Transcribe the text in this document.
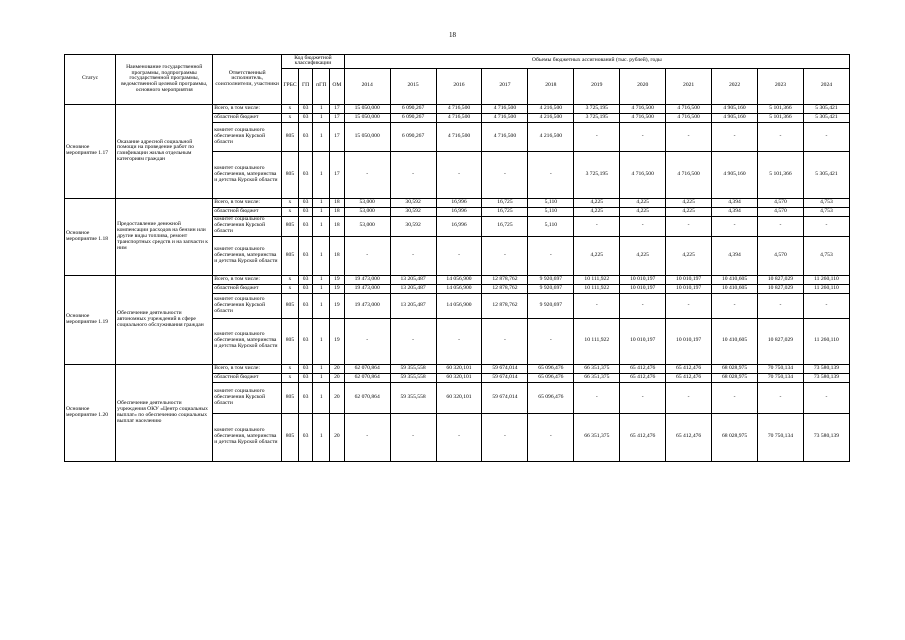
18
Статус	Наименование государственной программы, подпрограммы государственной программы, ведомственной целевой программы, основного мероприятия	Ответственный исполнитель, соисполнители, участники	Код бюджетной классификации				Объемы бюджетных ассигнований (тыс. рублей), годы										
			ГРБС	ГП	пГП	ОМ	2014	2015	2016	2017	2018	2019	2020	2021	2022	2023	2024
Основное мероприятие 1.17	Оказание адресной социальной помощи на проведение работ по газификации жилья отдельным категориям граждан	Всего, в том числе:	x	03	1	17	15 050,000	6 090,267	4 716,500	4 716,500	4 216,500	3 725,195	4 716,500	4 716,500	4 905,160	5 101,366	5 305,421
		областной бюджет	x	03	1	17	15 050,000	6 090,267	4 716,500	4 716,500	4 216,500	3 725,195	4 716,500	4 716,500	4 905,160	5 101,366	5 305,421
		комитет социального обеспечения Курской области	805	03	1	17	15 050,000	6 090,267	4 716,500	4 716,500	4 216,500	-	-	-	-	-	-
		комитет социального обеспечения, материнства и детства Курской области	805	03	1	17	-	-	-	-	-	3 725,195	4 716,500	4 716,500	4 905,160	5 101,366	5 305,421
Основное мероприятие 1.18	Предоставление денежной компенсации расходов на бензин или другие виды топлива, ремонт транспортных средств и на запчасти к ним	Всего, в том числе:	x	03	1	18	53,000	30,592	16,996	16,725	5,110	4,225	4,225	4,225	4,394	4,570	4,753
		областной бюджет	x	03	1	18	53,000	30,592	16,996	16,725	5,110	4,225	4,225	4,225	4,394	4,570	4,753
		комитет социального обеспечения Курской области	805	03	1	18	53,000	30,592	16,996	16,725	5,110	-	-	-	-	-	-
		комитет социального обеспечения, материнства и детства Курской области	805	03	1	18	-	-	-	-	-	4,225	4,225	4,225	4,394	4,570	4,753
Основное мероприятие 1.19	Обеспечение деятельности автономных учреждений в сфере социального обслуживания граждан	Всего, в том числе:	x	03	1	19	19 473,000	13 205,487	14 056,900	12 878,762	9 920,697	10 111,922	10 010,197	10 010,197	10 410,605	10 827,029	11 260,110
		областной бюджет	x	03	1	19	19 473,000	13 205,487	14 056,900	12 878,762	9 920,697	10 111,922	10 010,197	10 010,197	10 410,605	10 827,029	11 260,110
		комитет социального обеспечения Курской области	805	03	1	19	19 473,000	13 205,487	14 056,900	12 878,762	9 920,697	-	-	-	-	-	-
		комитет социального обеспечения, материнства и детства Курской области	805	03	1	19	-	-	-	-	-	10 111,922	10 010,197	10 010,197	10 410,605	10 827,029	11 260,110
Основное мероприятие 1.20	Обеспечение деятельности учреждения ОКУ «Центр социальных выплат» по обеспечению социальных выплат населению	Всего, в том числе:	x	03	1	20	62 070,864	59 355,558	60 320,101	59 674,014	65 096,476	66 351,375	65 412,476	65 412,476	68 028,975	70 750,134	73 580,139
		областной бюджет	x	03	1	20	62 070,864	59 355,558	60 320,101	59 674,014	65 096,476	66 351,375	65 412,476	65 412,476	68 028,975	70 750,134	73 580,139
		комитет социального обеспечения Курской области	805	03	1	20	62 070,864	59 355,558	60 320,101	59 674,014	65 096,476	-	-	-	-	-	-
		комитет социального обеспечения, материнства и детства Курской области	805	03	1	20	-	-	-	-	-	66 351,375	65 412,476	65 412,476	68 028,975	70 750,134	73 580,139
